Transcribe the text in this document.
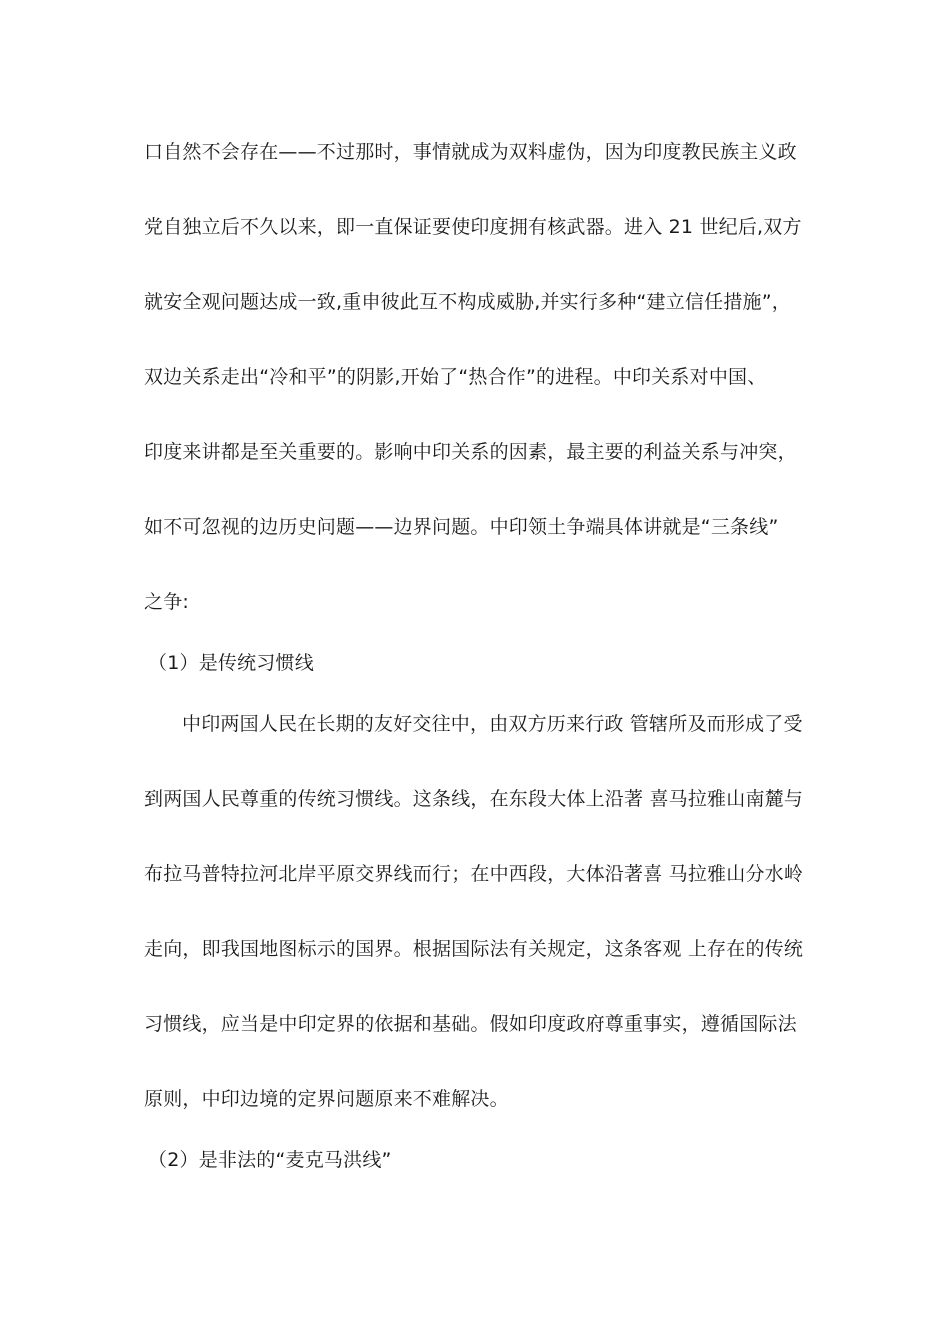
口自然不会存在——不过那时，事情就成为双料虚伪，因为印度教民族主义政
党自独立后不久以来，即一直保证要使印度拥有核武器。进入 21 世纪后,双方
就安全观问题达成一致,重申彼此互不构成威胁,并实行多种“建立信任措施”，
双边关系走出“冷和平”的阴影,开始了“热合作”的进程。中印关系对中国、
印度来讲都是至关重要的。影响中印关系的因素，最主要的利益关系与冲突，
如不可忽视的边历史问题——边界问题。中印领土争端具体讲就是“三条线”
之争:
（1）是传统习惯线
中印两国人民在长期的友好交往中，由双方历来行政 管辖所及而形成了受
到两国人民尊重的传统习惯线。这条线，在东段大体上沿著 喜马拉雅山南麓与
布拉马普特拉河北岸平原交界线而行；在中西段，大体沿著喜 马拉雅山分水岭
走向，即我国地图标示的国界。根据国际法有关规定，这条客观 上存在的传统
习惯线，应当是中印定界的依据和基础。假如印度政府尊重事实，遵循国际法
原则，中印边境的定界问题原来不难解决。
（2）是非法的“麦克马洪线”
